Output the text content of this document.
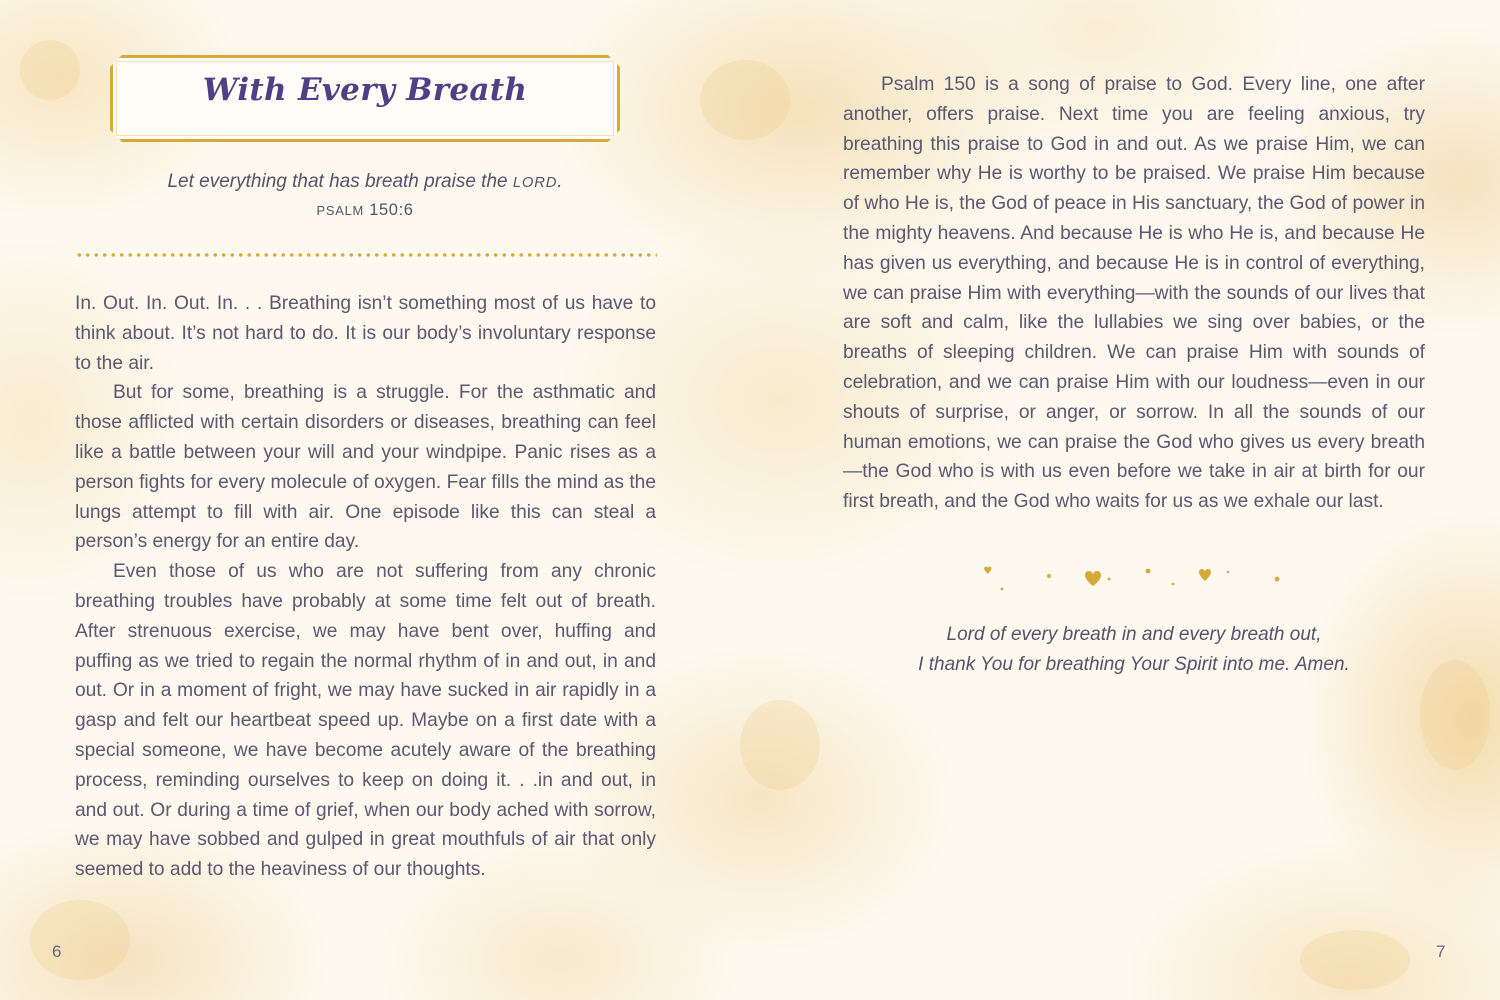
With Every Breath
Let everything that has breath praise the LORD.
PSALM 150:6

In. Out. In. Out. In. . . Breathing isn’t something most of us have to think about. It’s not hard to do. It is our body’s involuntary response to the air.

But for some, breathing is a struggle. For the asthmatic and those afflicted with certain disorders or diseases, breathing can feel like a battle between your will and your windpipe. Panic rises as a person fights for every molecule of oxygen. Fear fills the mind as the lungs attempt to fill with air. One episode like this can steal a person’s energy for an entire day.

Even those of us who are not suffering from any chronic breathing troubles have probably at some time felt out of breath. After strenuous exercise, we may have bent over, huffing and puffing as we tried to regain the normal rhythm of in and out, in and out. Or in a moment of fright, we may have sucked in air rapidly in a gasp and felt our heartbeat speed up. Maybe on a first date with a special someone, we have become acutely aware of the breathing process, reminding ourselves to keep on doing it. . .in and out, in and out. Or during a time of grief, when our body ached with sorrow, we may have sobbed and gulped in great mouthfuls of air that only seemed to add to the heaviness of our thoughts.

6
Psalm 150 is a song of praise to God. Every line, one after another, offers praise. Next time you are feeling anxious, try breathing this praise to God in and out. As we praise Him, we can remember why He is worthy to be praised. We praise Him because of who He is, the God of peace in His sanctuary, the God of power in the mighty heavens. And because He is who He is, and because He has given us everything, and because He is in control of everything, we can praise Him with everything—with the sounds of our lives that are soft and calm, like the lullabies we sing over babies, or the breaths of sleeping children. We can praise Him with sounds of celebration, and we can praise Him with our loudness—even in our shouts of surprise, or anger, or sorrow. In all the sounds of our human emotions, we can praise the God who gives us every breath—the God who is with us even before we take in air at birth for our first breath, and the God who waits for us as we exhale our last.
Lord of every breath in and every breath out,
I thank You for breathing Your Spirit into me. Amen.
7
